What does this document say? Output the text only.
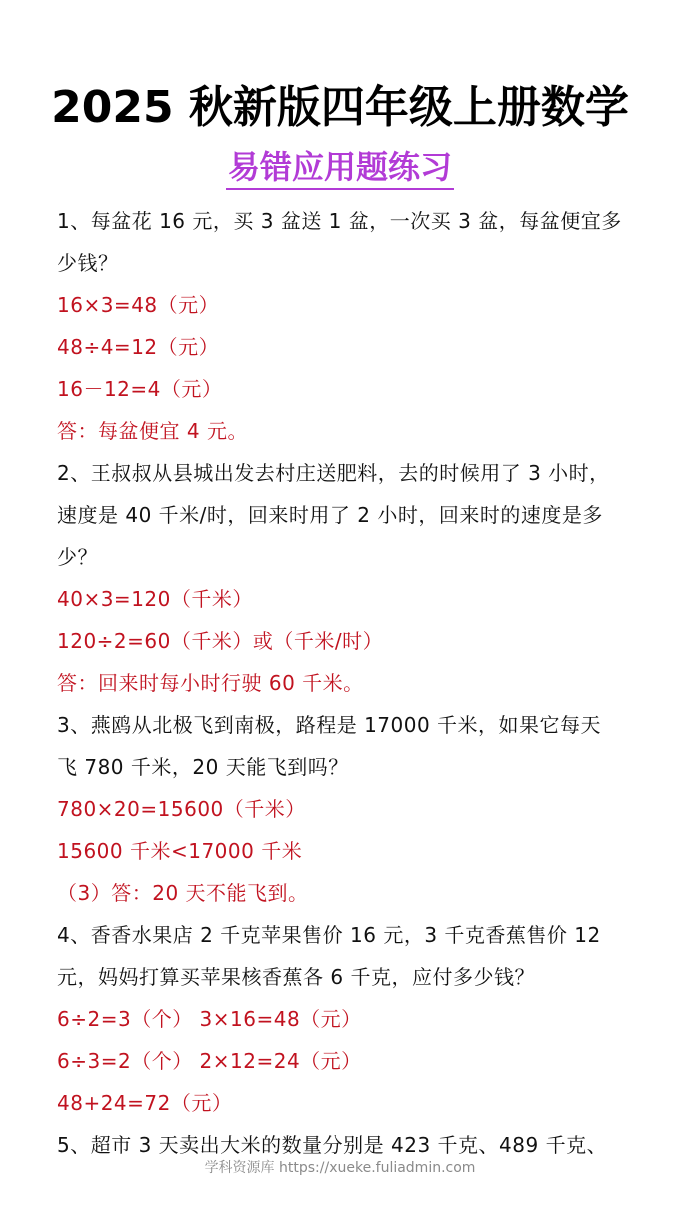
2025 秋新版四年级上册数学
易错应用题练习
1、每盆花 16 元，买 3 盆送 1 盆，一次买 3 盆，每盆便宜多
少钱？
16×3=48（元）
48÷4=12（元）
16－12=4（元）
答：每盆便宜 4 元。
2、王叔叔从县城出发去村庄送肥料，去的时候用了 3 小时，
速度是 40 千米/时，回来时用了 2 小时，回来时的速度是多
少？
40×3=120（千米）
120÷2=60（千米）或（千米/时）
答：回来时每小时行驶 60 千米。
3、燕鸥从北极飞到南极，路程是 17000 千米，如果它每天
飞 780 千米，20 天能飞到吗？
780×20=15600（千米）
15600 千米<17000 千米
（3）答：20 天不能飞到。
4、香香水果店 2 千克苹果售价 16 元，3 千克香蕉售价 12
元，妈妈打算买苹果核香蕉各 6 千克，应付多少钱？
6÷2=3（个） 3×16=48（元）
6÷3=2（个） 2×12=24（元）
48+24=72（元）
5、超市 3 天卖出大米的数量分别是 423 千克、489 千克、
学科资源库 https://xueke.fuliadmin.com
